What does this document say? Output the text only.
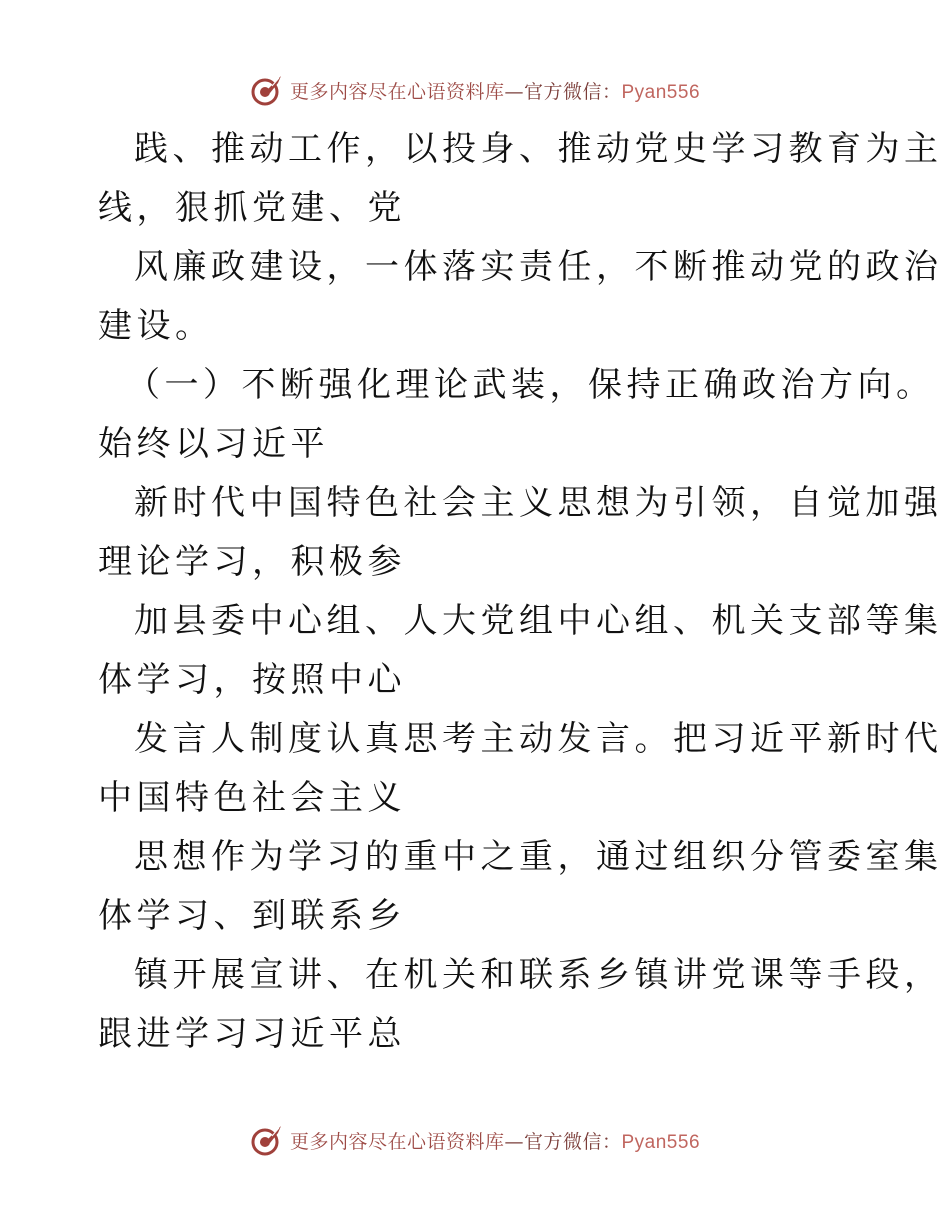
更多内容尽在心语资料库—官方微信：Pyan556
践、推动工作，以投身、推动党史学习教育为主
线，狠抓党建、党
风廉政建设，一体落实责任，不断推动党的政治
建设。
（一）不断强化理论武装，保持正确政治方向。
始终以习近平
新时代中国特色社会主义思想为引领，自觉加强
理论学习，积极参
加县委中心组、人大党组中心组、机关支部等集
体学习，按照中心
发言人制度认真思考主动发言。把习近平新时代
中国特色社会主义
思想作为学习的重中之重，通过组织分管委室集
体学习、到联系乡
镇开展宣讲、在机关和联系乡镇讲党课等手段，
跟进学习习近平总
更多内容尽在心语资料库—官方微信：Pyan556
